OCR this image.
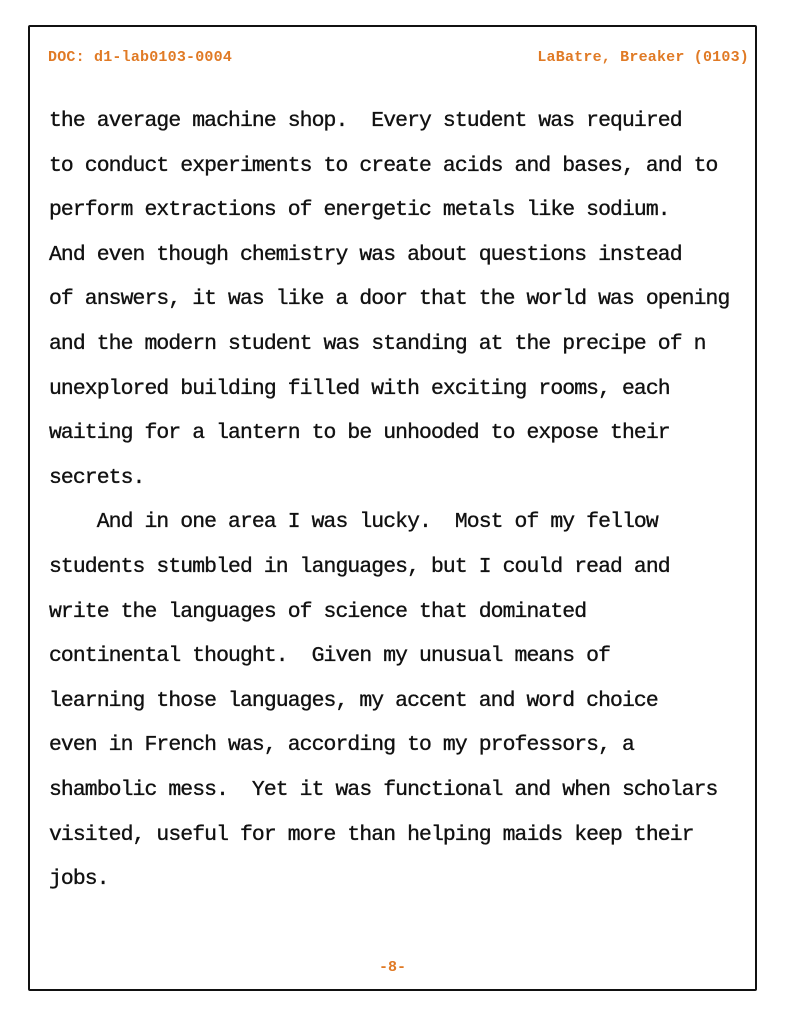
DOC: d1-lab0103-0004	LaBatre, Breaker (0103)
the average machine shop.  Every student was required
to conduct experiments to create acids and bases, and to
perform extractions of energetic metals like sodium.
And even though chemistry was about questions instead
of answers, it was like a door that the world was opening
and the modern student was standing at the precipe of n
unexplored building filled with exciting rooms, each
waiting for a lantern to be unhooded to expose their
secrets.
And in one area I was lucky.  Most of my fellow
students stumbled in languages, but I could read and
write the languages of science that dominated
continental thought.  Given my unusual means of
learning those languages, my accent and word choice
even in French was, according to my professors, a
shambolic mess.  Yet it was functional and when scholars
visited, useful for more than helping maids keep their
jobs.
-8-
